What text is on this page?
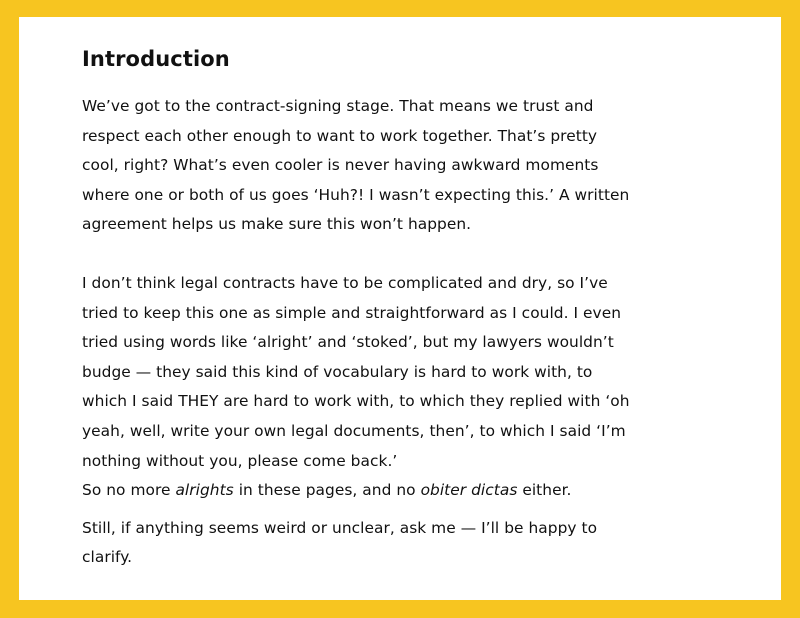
Introduction
We’ve got to the contract-signing stage. That means we trust and
respect each other enough to want to work together. That’s pretty
cool, right? What’s even cooler is never having awkward moments
where one or both of us goes ‘Huh?! I wasn’t expecting this.’ A written
agreement helps us make sure this won’t happen.
I don’t think legal contracts have to be complicated and dry, so I’ve
tried to keep this one as simple and straightforward as I could. I even
tried using words like ‘alright’ and ‘stoked’, but my lawyers wouldn’t
budge — they said this kind of vocabulary is hard to work with, to
which I said THEY are hard to work with, to which they replied with ‘oh
yeah, well, write your own legal documents, then’, to which I said ‘I’m
nothing without you, please come back.’
So no more alrights in these pages, and no obiter dictas either.
Still, if anything seems weird or unclear, ask me — I’ll be happy to
clarify.
